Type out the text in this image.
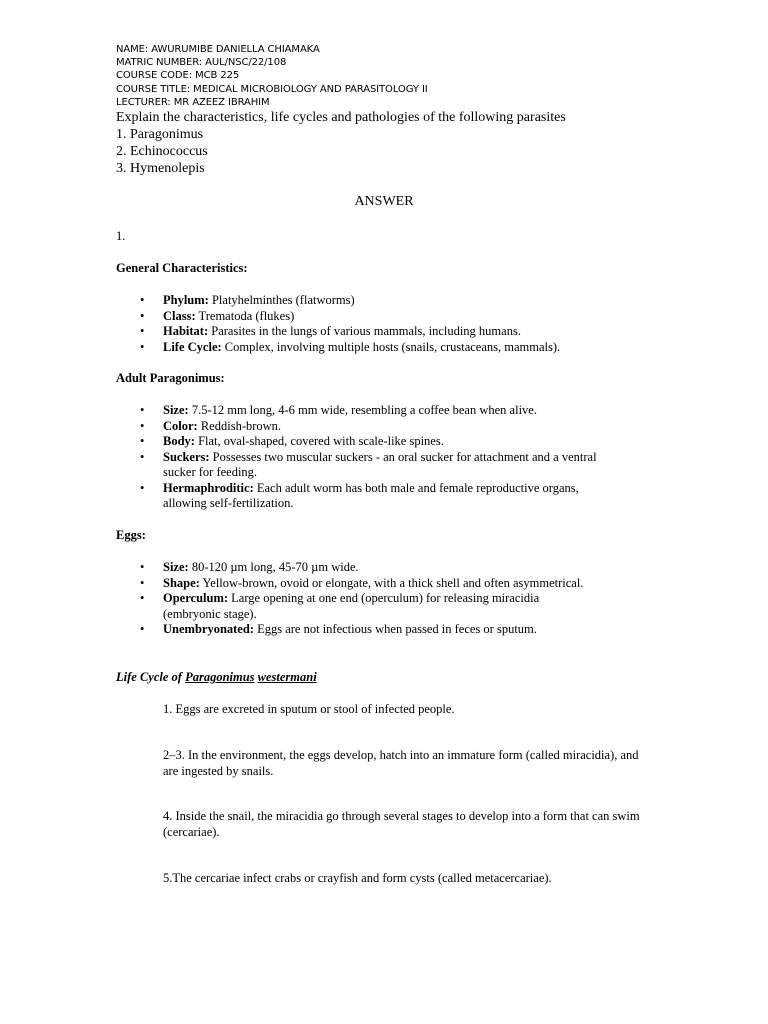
NAME: AWURUMIBE DANIELLA CHIAMAKA
MATRIC NUMBER: AUL/NSC/22/108
COURSE CODE: MCB 225
COURSE TITLE: MEDICAL MICROBIOLOGY AND PARASITOLOGY II
LECTURER: MR AZEEZ IBRAHIM
Explain the characteristics, life cycles and pathologies of the following parasites
1. Paragonimus
2. Echinococcus
3. Hymenolepis
ANSWER
1.
General Characteristics:
• Phylum: Platyhelminthes (flatworms)
• Class: Trematoda (flukes)
• Habitat: Parasites in the lungs of various mammals, including humans.
• Life Cycle: Complex, involving multiple hosts (snails, crustaceans, mammals).
Adult Paragonimus:
• Size: 7.5-12 mm long, 4-6 mm wide, resembling a coffee bean when alive.
• Color: Reddish-brown.
• Body: Flat, oval-shaped, covered with scale-like spines.
• Suckers: Possesses two muscular suckers - an oral sucker for attachment and a ventral sucker for feeding.
• Hermaphroditic: Each adult worm has both male and female reproductive organs, allowing self-fertilization.
Eggs:
• Size: 80-120 µm long, 45-70 µm wide.
• Shape: Yellow-brown, ovoid or elongate, with a thick shell and often asymmetrical.
• Operculum: Large opening at one end (operculum) for releasing miracidia (embryonic stage).
• Unembryonated: Eggs are not infectious when passed in feces or sputum.
Life Cycle of Paragonimus westermani
1. Eggs are excreted in sputum or stool of infected people.
2–3. In the environment, the eggs develop, hatch into an immature form (called miracidia), and are ingested by snails.
4. Inside the snail, the miracidia go through several stages to develop into a form that can swim (cercariae).
5.The cercariae infect crabs or crayfish and form cysts (called metacercariae).
